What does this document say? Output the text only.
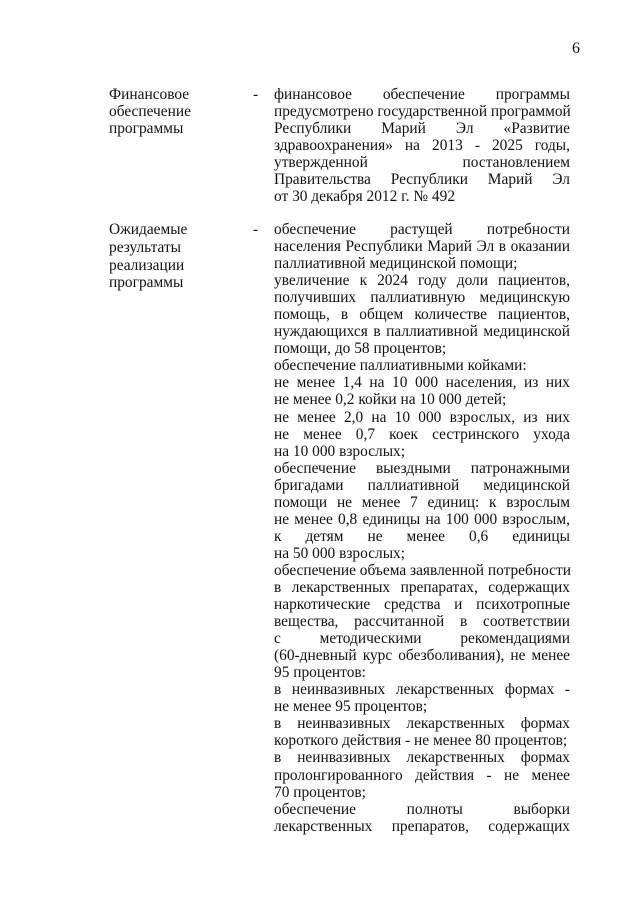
6
Финансовое
обеспечение
программы
- финансовое обеспечение программы
предусмотрено государственной программой
Республики Марий Эл «Развитие
здравоохранения» на 2013 - 2025 годы,
утвержденной постановлением
Правительства Республики Марий Эл
от 30 декабря 2012 г. № 492
Ожидаемые
результаты
реализации
программы
- обеспечение растущей потребности
населения Республики Марий Эл в оказании
паллиативной медицинской помощи;
увеличение к 2024 году доли пациентов,
получивших паллиативную медицинскую
помощь, в общем количестве пациентов,
нуждающихся в паллиативной медицинской
помощи, до 58 процентов;
обеспечение паллиативными койками:
не менее 1,4 на 10 000 населения, из них
не менее 0,2 койки на 10 000 детей;
не менее 2,0 на 10 000 взрослых, из них
не менее 0,7 коек сестринского ухода
на 10 000 взрослых;
обеспечение выездными патронажными
бригадами паллиативной медицинской
помощи не менее 7 единиц: к взрослым
не менее 0,8 единицы на 100 000 взрослым,
к детям не менее 0,6 единицы
на 50 000 взрослых;
обеспечение объема заявленной потребности
в лекарственных препаратах, содержащих
наркотические средства и психотропные
вещества, рассчитанной в соответствии
с методическими рекомендациями
(60-дневный курс обезболивания), не менее
95 процентов:
в неинвазивных лекарственных формах -
не менее 95 процентов;
в неинвазивных лекарственных формах
короткого действия - не менее 80 процентов;
в неинвазивных лекарственных формах
пролонгированного действия - не менее
70 процентов;
обеспечение полноты выборки
лекарственных препаратов, содержащих
